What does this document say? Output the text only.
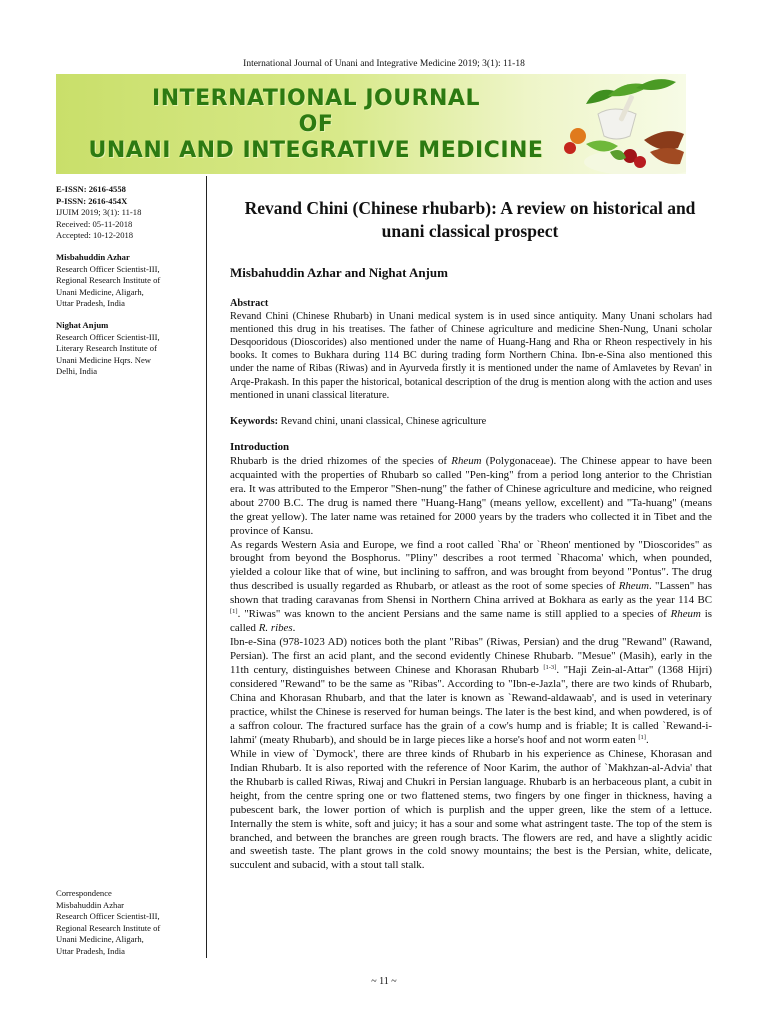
International Journal of Unani and Integrative Medicine 2019; 3(1): 11-18
INTERNATIONAL JOURNAL
OF
UNANI AND INTEGRATIVE MEDICINE
E-ISSN: 2616-4558
P-ISSN: 2616-454X
IJUIM 2019; 3(1): 11-18
Received: 05-11-2018
Accepted: 10-12-2018
Misbahuddin Azhar
Research Officer Scientist-III,
Regional Research Institute of
Unani Medicine, Aligarh,
Uttar Pradesh, India
Nighat Anjum
Research Officer Scientist-III,
Literary Research Institute of
Unani Medicine Hqrs. New
Delhi, India
Correspondence
Misbahuddin Azhar
Research Officer Scientist-III,
Regional Research Institute of
Unani Medicine, Aligarh,
Uttar Pradesh, India
Revand Chini (Chinese rhubarb): A review on historical and unani classical prospect
Misbahuddin Azhar and Nighat Anjum

Abstract

Revand Chini (Chinese Rhubarb) in Unani medical system is in used since antiquity. Many Unani scholars had mentioned this drug in his treatises. The father of Chinese agriculture and medicine Shen-Nung, Unani scholar Desqooridous (Dioscorides) also mentioned under the name of Huang-Hang and Rha or Rheon respectively in his books. It comes to Bukhara during 114 BC during trading form Northern China. Ibn-e-Sina also mentioned this under the name of Ribas (Riwas) and in Ayurveda firstly it is mentioned under the name of Amlavetes by Revan' in Arqe-Prakash. In this paper the historical, botanical description of the drug is mention along with the action and uses mentioned in unani classical literature.

Keywords: Revand chini, unani classical, Chinese agriculture

Introduction

Rhubarb is the dried rhizomes of the species of Rheum (Polygonaceae). The Chinese appear to have been acquainted with the properties of Rhubarb so called "Pen-king" from a period long anterior to the Christian era. It was attributed to the Emperor "Shen-nung" the father of Chinese agriculture and medicine, who reigned about 2700 B.C. The drug is named there "Huang-Hang" (means yellow, excellent) and "Ta-huang" (means the great yellow). The later name was retained for 2000 years by the traders who collected it in Tibet and the province of Kansu.

As regards Western Asia and Europe, we find a root called `Rha' or `Rheon' mentioned by "Dioscorides" as brought from beyond the Bosphorus. "Pliny" describes a root termed `Rhacoma' which, when pounded, yielded a colour like that of wine, but inclining to saffron, and was brought from beyond "Pontus". The drug thus described is usually regarded as Rhubarb, or atleast as the root of some species of Rheum. "Lassen" has shown that trading caravanas from Shensi in Northern China arrived at Bokhara as early as the year 114 BC [1]. "Riwas" was known to the ancient Persians and the same name is still applied to a species of Rheum is called R. ribes.

Ibn-e-Sina (978-1023 AD) notices both the plant "Ribas" (Riwas, Persian) and the drug "Rewand" (Rawand, Persian). The first an acid plant, and the second evidently Chinese Rhubarb. "Mesue" (Masih), early in the 11th century, distinguishes between Chinese and Khorasan Rhubarb [1-3]. "Haji Zein-al-Attar" (1368 Hijri) considered "Rewand" to be the same as "Ribas". According to "Ibn-e-Jazla", there are two kinds of Rhubarb, China and Khorasan Rhubarb, and that the later is known as `Rewand-aldawaab', and is used in veterinary practice, whilst the Chinese is reserved for human beings. The later is the best kind, and when powdered, is of a saffron colour. The fractured surface has the grain of a cow's hump and is friable; It is called `Rewand-i-lahmi' (meaty Rhubarb), and should be in large pieces like a horse's hoof and not worm eaten [1].

While in view of `Dymock', there are three kinds of Rhubarb in his experience as Chinese, Khorasan and Indian Rhubarb. It is also reported with the reference of Noor Karim, the author of `Makhzan-al-Advia' that the Rhubarb is called Riwas, Riwaj and Chukri in Persian language. Rhubarb is an herbaceous plant, a cubit in height, from the centre spring one or two flattened stems, two fingers by one finger in thickness, having a pubescent bark, the lower portion of which is purplish and the upper green, like the stem of a lettuce. Internally the stem is white, soft and juicy; it has a sour and some what astringent taste. The top of the stem is branched, and between the branches are green rough bracts. The flowers are red, and have a slightly acidic and sweetish taste. The plant grows in the cold snowy mountains; the best is the Persian, white, delicate, succulent and subacid, with a stout tall stalk.

~ 11 ~
